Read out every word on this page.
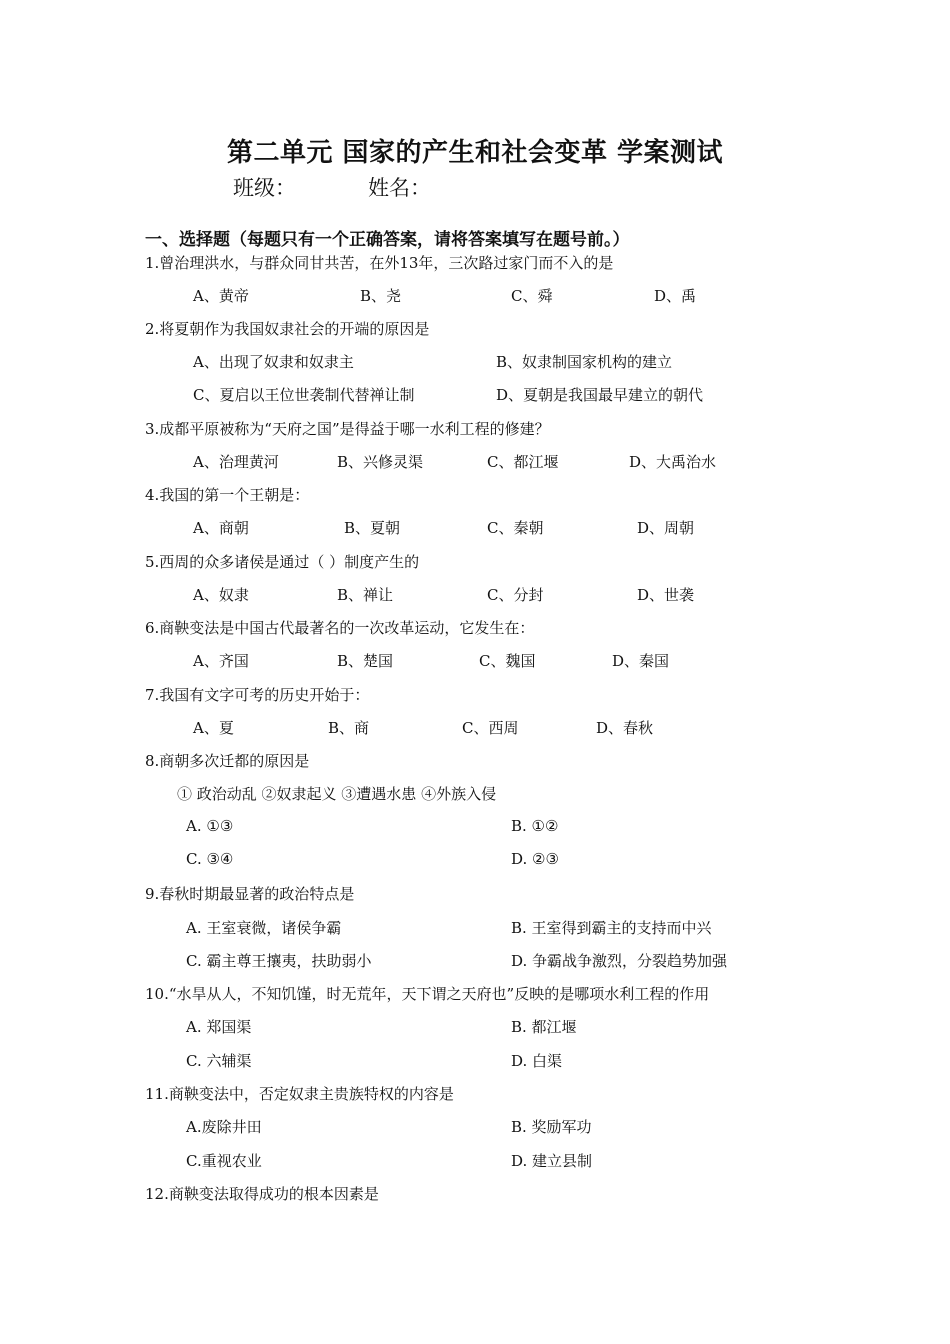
第二单元 国家的产生和社会变革 学案测试
班级：	姓名：
一、选择题（每题只有一个正确答案，请将答案填写在题号前。）
1.曾治理洪水，与群众同甘共苦，在外13年，三次路过家门而不入的是
A、黄帝	B、尧	C、舜	D、禹
2.将夏朝作为我国奴隶社会的开端的原因是
A、出现了奴隶和奴隶主	B、奴隶制国家机构的建立
C、夏启以王位世袭制代替禅让制	D、夏朝是我国最早建立的朝代
3.成都平原被称为“天府之国”是得益于哪一水利工程的修建？
A、治理黄河	B、兴修灵渠	C、都江堰	D、大禹治水
4.我国的第一个王朝是：
A、商朝	B、夏朝	C、秦朝	D、周朝
5.西周的众多诸侯是通过（ ）制度产生的
A、奴隶	B、禅让	C、分封	D、世袭
6.商鞅变法是中国古代最著名的一次改革运动，它发生在：
A、齐国	B、楚国	C、魏国	D、秦国
7.我国有文字可考的历史开始于：
A、夏	B、商	C、西周	D、春秋
8.商朝多次迁都的原因是
① 政治动乱 ②奴隶起义 ③遭遇水患 ④外族入侵
A. ①③	B. ①②
C. ③④	D. ②③
9.春秋时期最显著的政治特点是
A. 王室衰微，诸侯争霸	B. 王室得到霸主的支持而中兴
C. 霸主尊王攘夷，扶助弱小	D. 争霸战争激烈，分裂趋势加强
10.“水旱从人，不知饥馑，时无荒年，天下谓之天府也”反映的是哪项水利工程的作用
A. 郑国渠	B. 都江堰
C. 六辅渠	D. 白渠
11.商鞅变法中，否定奴隶主贵族特权的内容是
A.废除井田	B. 奖励军功
C.重视农业	D. 建立县制
12.商鞅变法取得成功的根本因素是
